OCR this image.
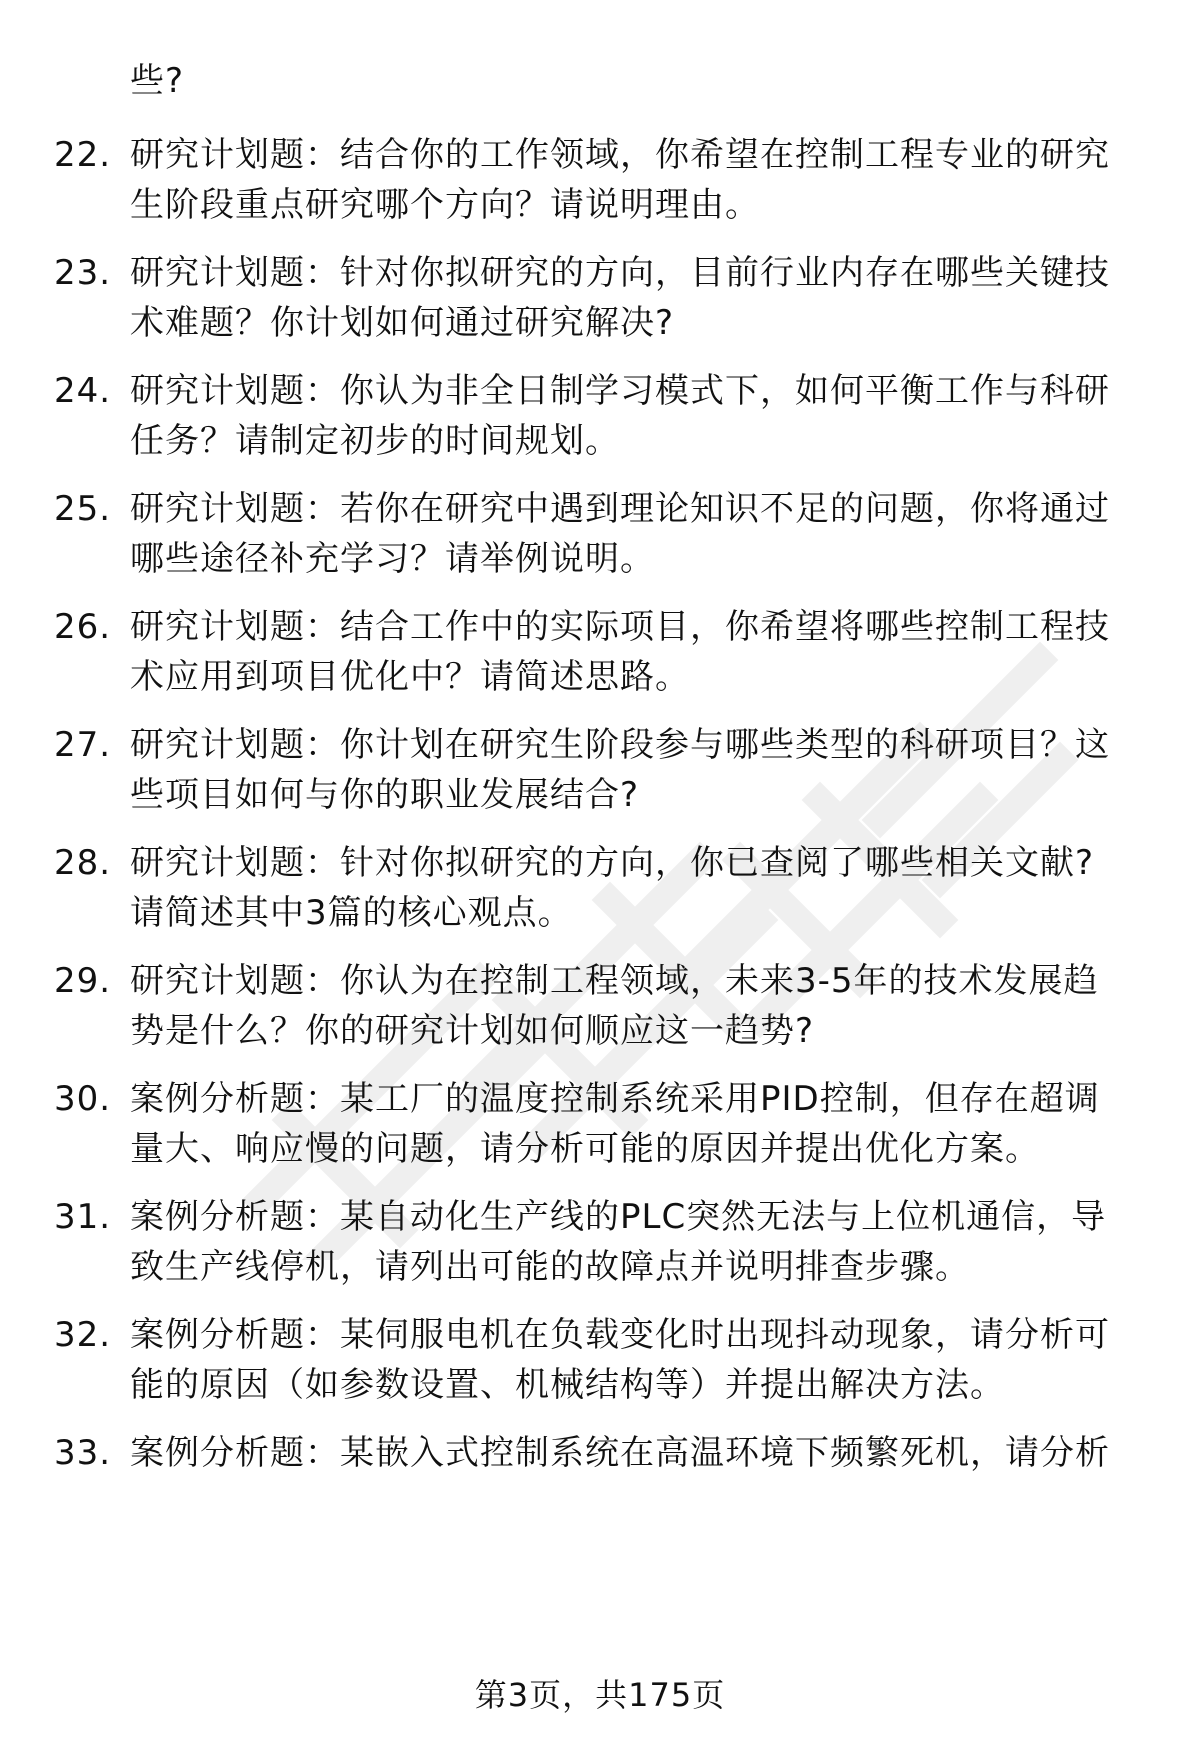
些?
22. 研究计划题：结合你的工作领域，你希望在控制工程专业的研究
生阶段重点研究哪个方向？请说明理由。
23. 研究计划题：针对你拟研究的方向，目前行业内存在哪些关键技
术难题？你计划如何通过研究解决?
24. 研究计划题：你认为非全日制学习模式下，如何平衡工作与科研
任务？请制定初步的时间规划。
25. 研究计划题：若你在研究中遇到理论知识不足的问题，你将通过
哪些途径补充学习？请举例说明。
26. 研究计划题：结合工作中的实际项目，你希望将哪些控制工程技
术应用到项目优化中？请简述思路。
27. 研究计划题：你计划在研究生阶段参与哪些类型的科研项目？这
些项目如何与你的职业发展结合?
28. 研究计划题：针对你拟研究的方向，你已查阅了哪些相关文献?
请简述其中3篇的核心观点。
29. 研究计划题：你认为在控制工程领域，未来3-5年的技术发展趋
势是什么？你的研究计划如何顺应这一趋势?
30. 案例分析题：某工厂的温度控制系统采用PID控制，但存在超调
量大、响应慢的问题，请分析可能的原因并提出优化方案。
31. 案例分析题：某自动化生产线的PLC突然无法与上位机通信，导
致生产线停机，请列出可能的故障点并说明排查步骤。
32. 案例分析题：某伺服电机在负载变化时出现抖动现象，请分析可
能的原因（如参数设置、机械结构等）并提出解决方法。
33. 案例分析题：某嵌入式控制系统在高温环境下频繁死机，请分析
第3页，共175页
